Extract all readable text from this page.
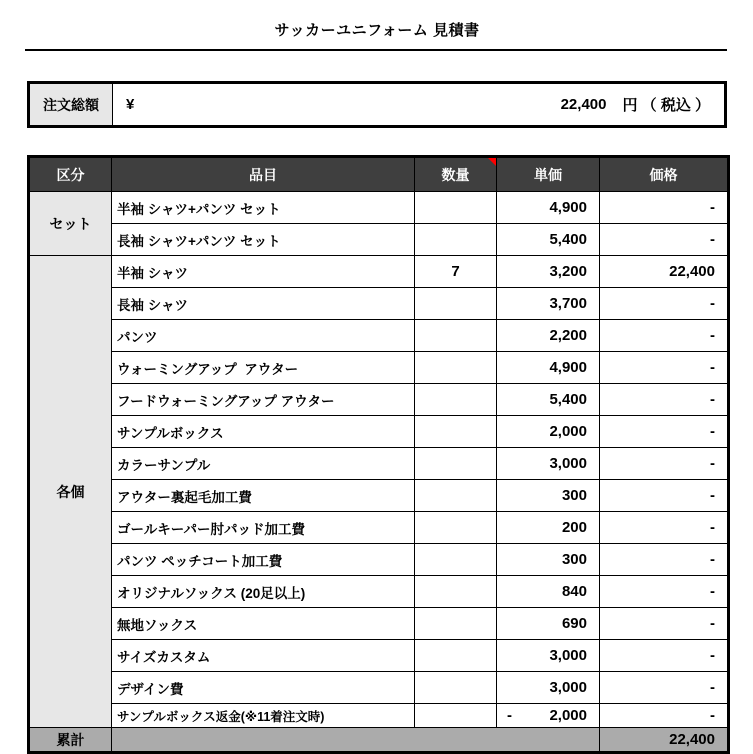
サッカーユニフォーム 見積書
注文総額	¥	22,400 円 （ 税込 ）
区分	品目	数量	単価	価格
セット	半袖 シャツ+パンツ セット		4,900	-
	長袖 シャツ+パンツ セット		5,400	-
各個	半袖 シャツ	7	3,200	22,400
	長袖 シャツ		3,700	-
	パンツ		2,200	-
	ウォーミングアップ  アウター		4,900	-
	フードウォーミングアップ アウター		5,400	-
	サンプルボックス		2,000	-
	カラーサンプル		3,000	-
	アウター裏起毛加工費		300	-
	ゴールキーパー肘パッド加工費		200	-
	パンツ ペッチコート加工費		300	-
	オリジナルソックス (20足以上)		840	-
	無地ソックス		690	-
	サイズカスタム		3,000	-
	デザイン費		3,000	-
	サンプルボックス返金(※11着注文時)		- 2,000	-
累計				22,400
